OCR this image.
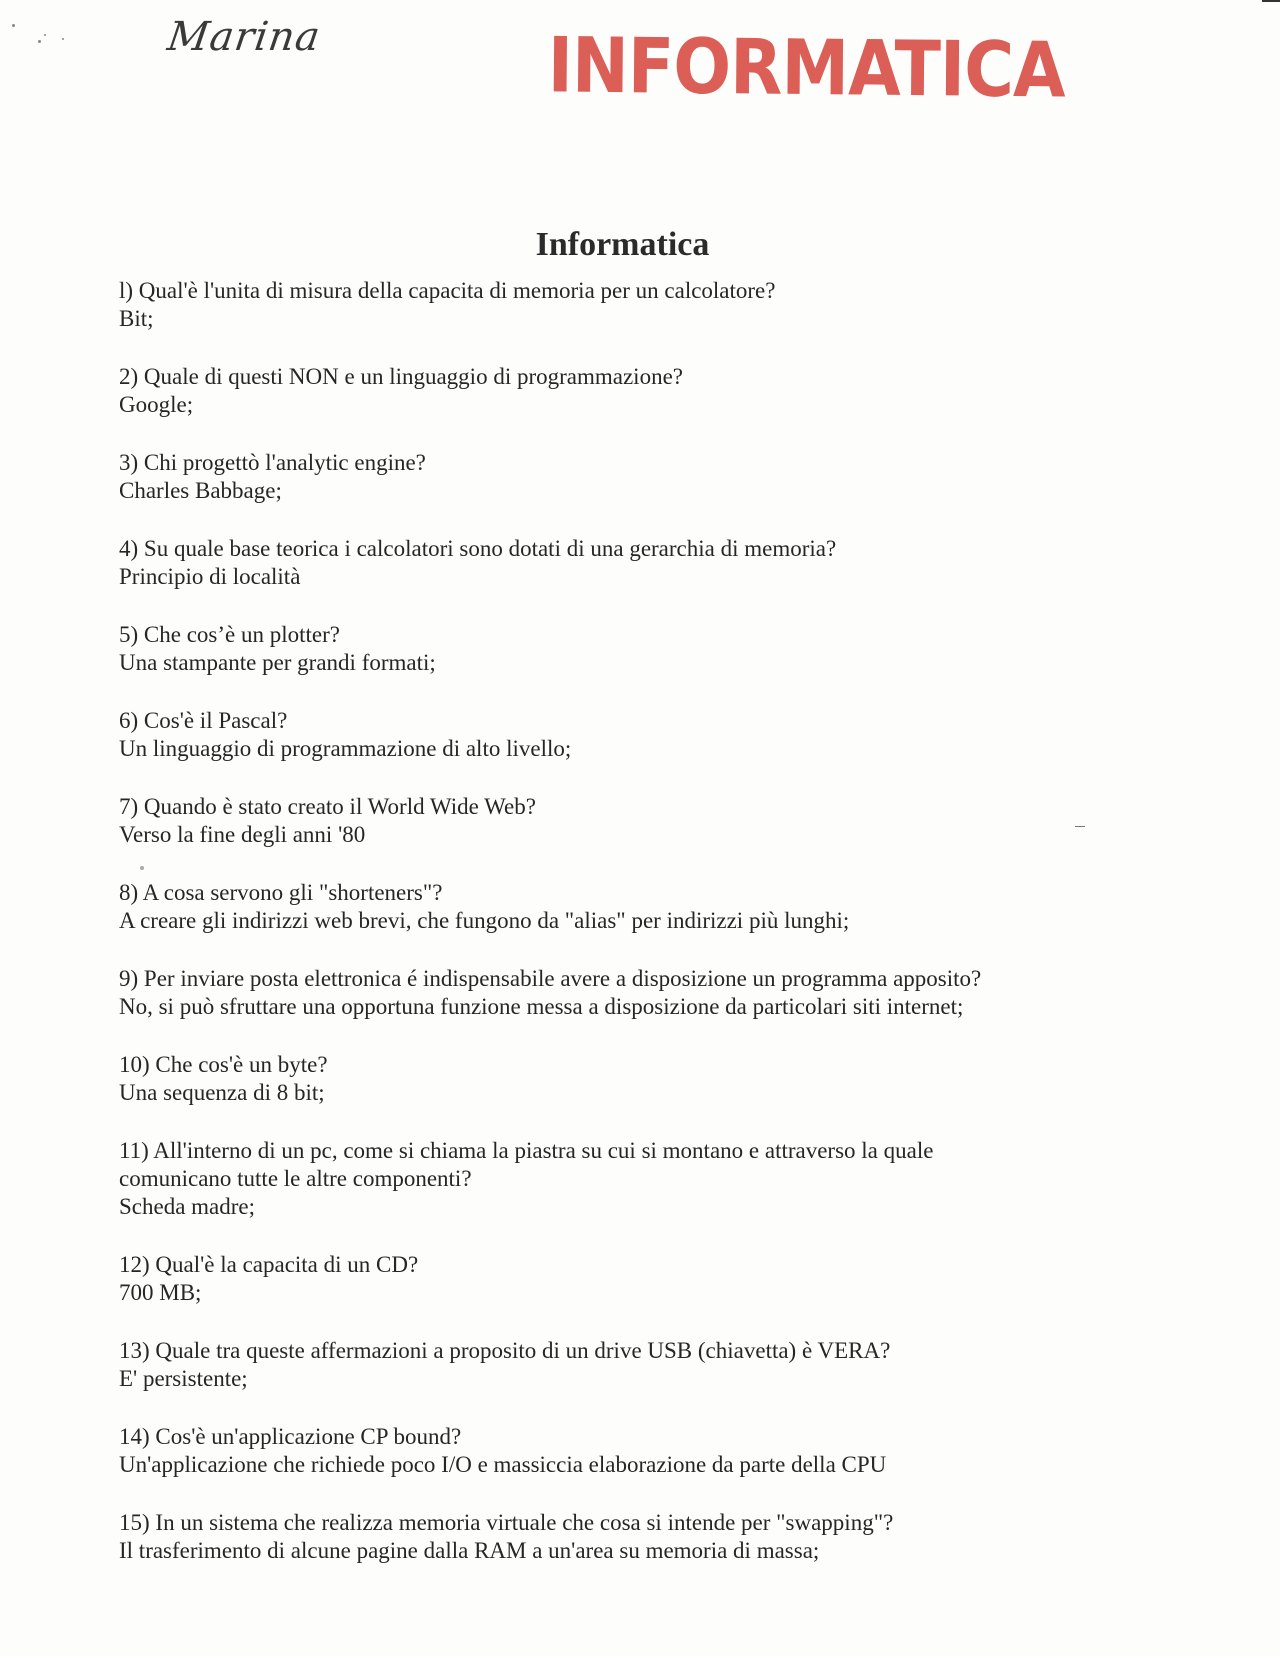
Marina	INFORMATICA
Informatica
l) Qual'è l'unita di misura della capacita di memoria per un calcolatore?
Bit;
2) Quale di questi NON e un linguaggio di programmazione?
Google;
3) Chi progettò l'analytic engine?
Charles Babbage;
4) Su quale base teorica i calcolatori sono dotati di una gerarchia di memoria?
Principio di località
5) Che cos’è un plotter?
Una stampante per grandi formati;
6) Cos'è il Pascal?
Un linguaggio di programmazione di alto livello;
7) Quando è stato creato il World Wide Web?
Verso la fine degli anni '80
8) A cosa servono gli "shorteners"?
A creare gli indirizzi web brevi, che fungono da "alias" per indirizzi più lunghi;
9) Per inviare posta elettronica é indispensabile avere a disposizione un programma apposito?
No, si può sfruttare una opportuna funzione messa a disposizione da particolari siti internet;
10) Che cos'è un byte?
Una sequenza di 8 bit;
11) All'interno di un pc, come si chiama la piastra su cui si montano e attraverso la quale comunicano tutte le altre componenti?
Scheda madre;
12) Qual'è la capacita di un CD?
700 MB;
13) Quale tra queste affermazioni a proposito di un drive USB (chiavetta) è VERA?
E' persistente;
14) Cos'è un'applicazione CP bound?
Un'applicazione che richiede poco I/O e massiccia elaborazione da parte della CPU
15) In un sistema che realizza memoria virtuale che cosa si intende per "swapping"?
Il trasferimento di alcune pagine dalla RAM a un'area su memoria di massa;
